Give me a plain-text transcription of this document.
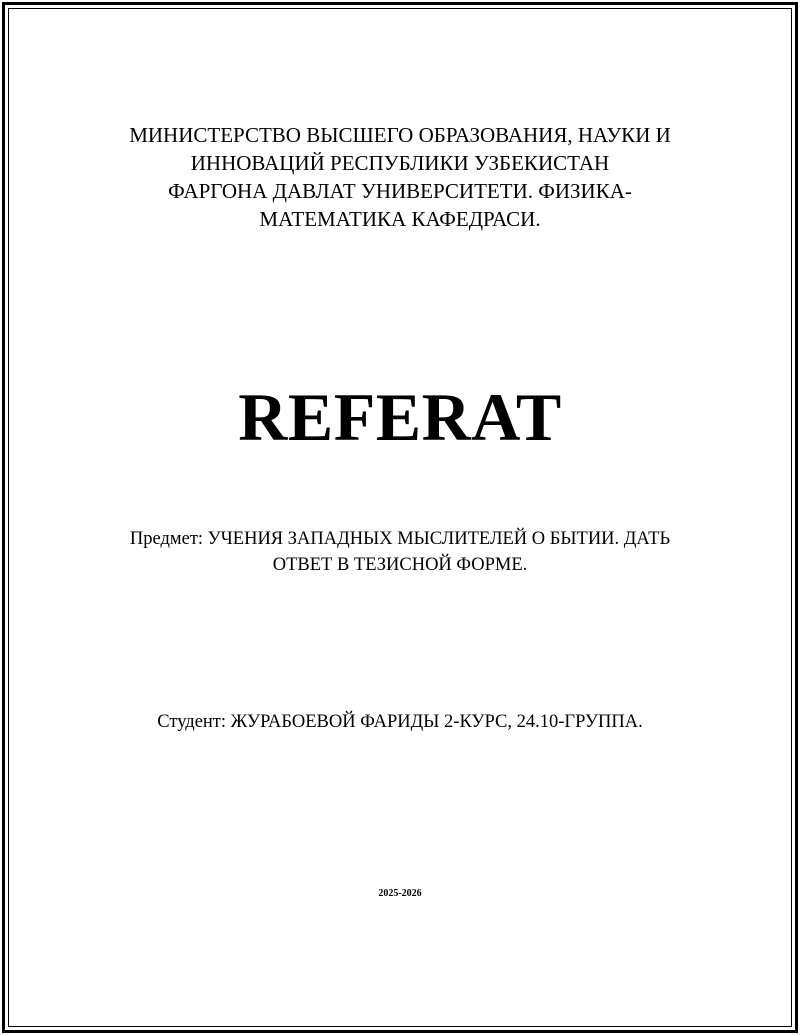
МИНИСТЕРСТВО ВЫСШЕГО ОБРАЗОВАНИЯ, НАУКИ И
ИННОВАЦИЙ РЕСПУБЛИКИ УЗБЕКИСТАН
ФАРГОНА ДАВЛАТ УНИВЕРСИТЕТИ. ФИЗИКА-
МАТЕМАТИКА КАФЕДРАСИ.
REFERAT
Предмет: УЧЕНИЯ ЗАПАДНЫХ МЫСЛИТЕЛЕЙ О БЫТИИ. ДАТЬ
ОТВЕТ В ТЕЗИСНОЙ ФОРМЕ.
Студент: ЖУРАБОЕВОЙ ФАРИДЫ 2-КУРС, 24.10-ГРУППА.
2025-2026
